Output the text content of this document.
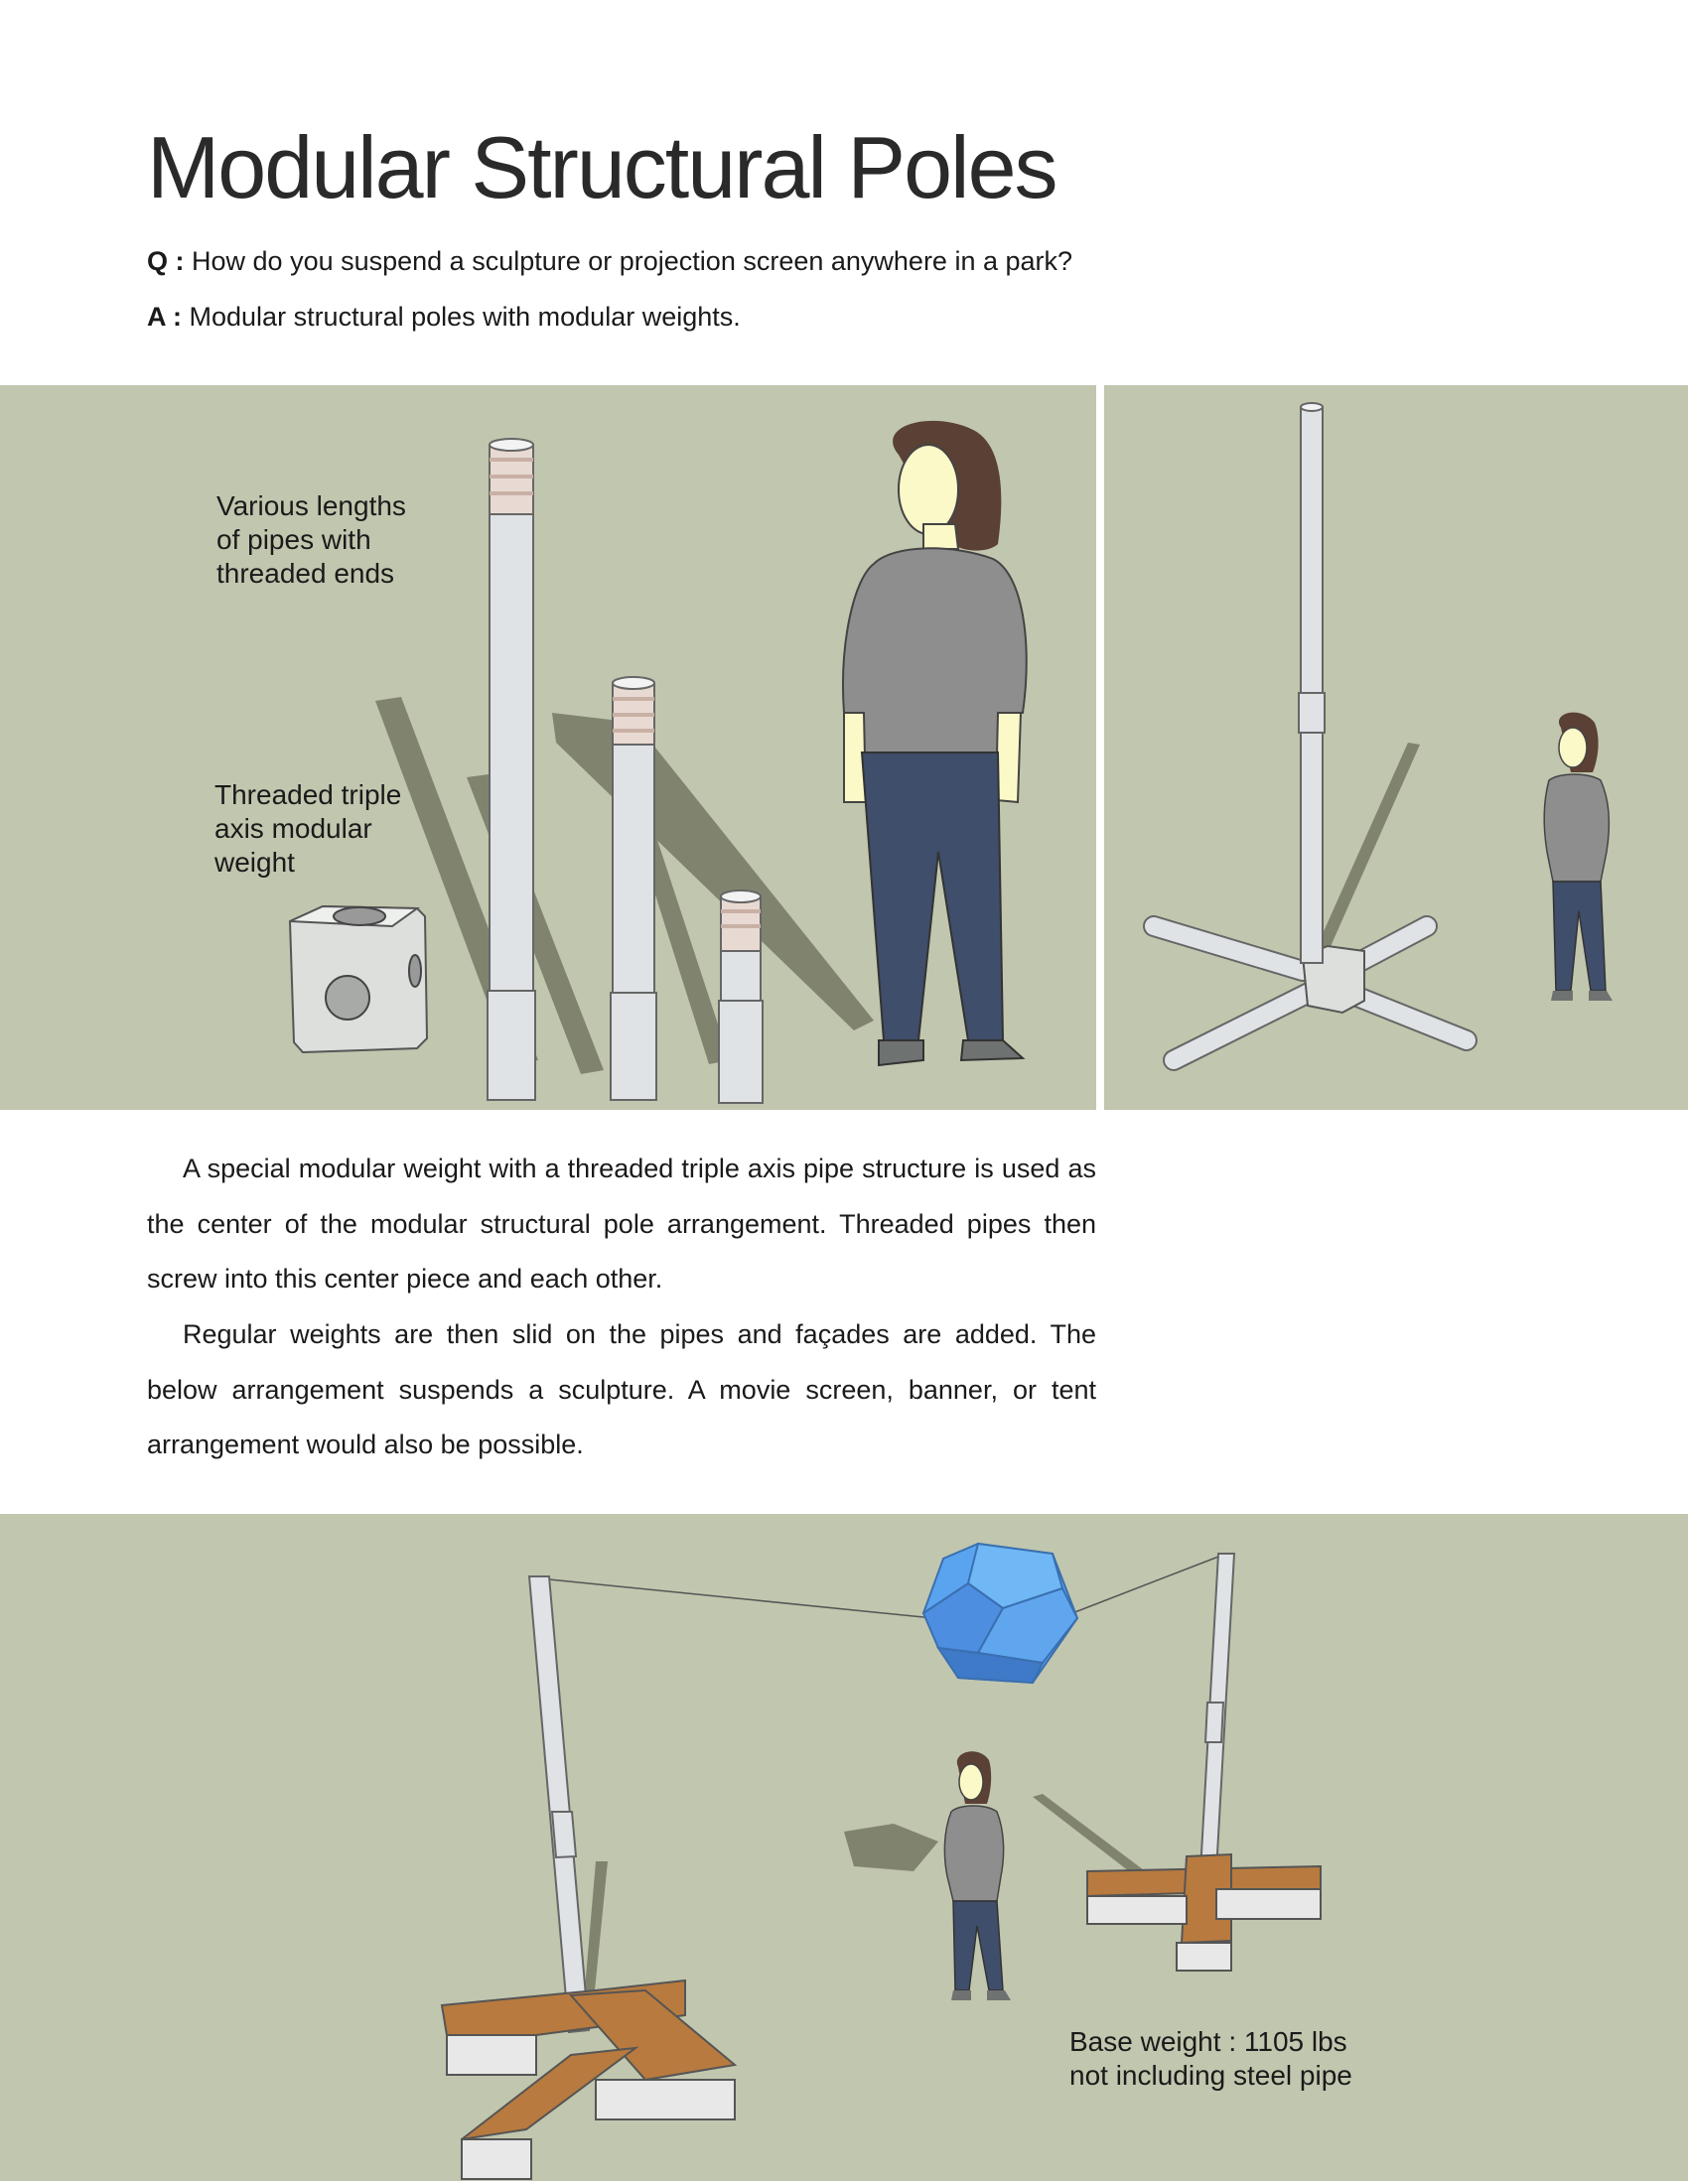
Modular Structural Poles
Q : How do you suspend a sculpture or projection screen anywhere in a park?
A : Modular structural poles with modular weights.
Various lengths
of pipes with
threaded ends
Threaded triple
axis modular
weight

A special modular weight with a threaded triple axis pipe structure is used as the center of the modular structural pole arrangement. Threaded pipes then screw into this center piece and each other.

Regular weights are then slid on the pipes and façades are added. The below arrangement suspends a sculpture. A movie screen, banner, or tent arrangement would also be possible.

Base weight : 1105 lbs
not including steel pipe
